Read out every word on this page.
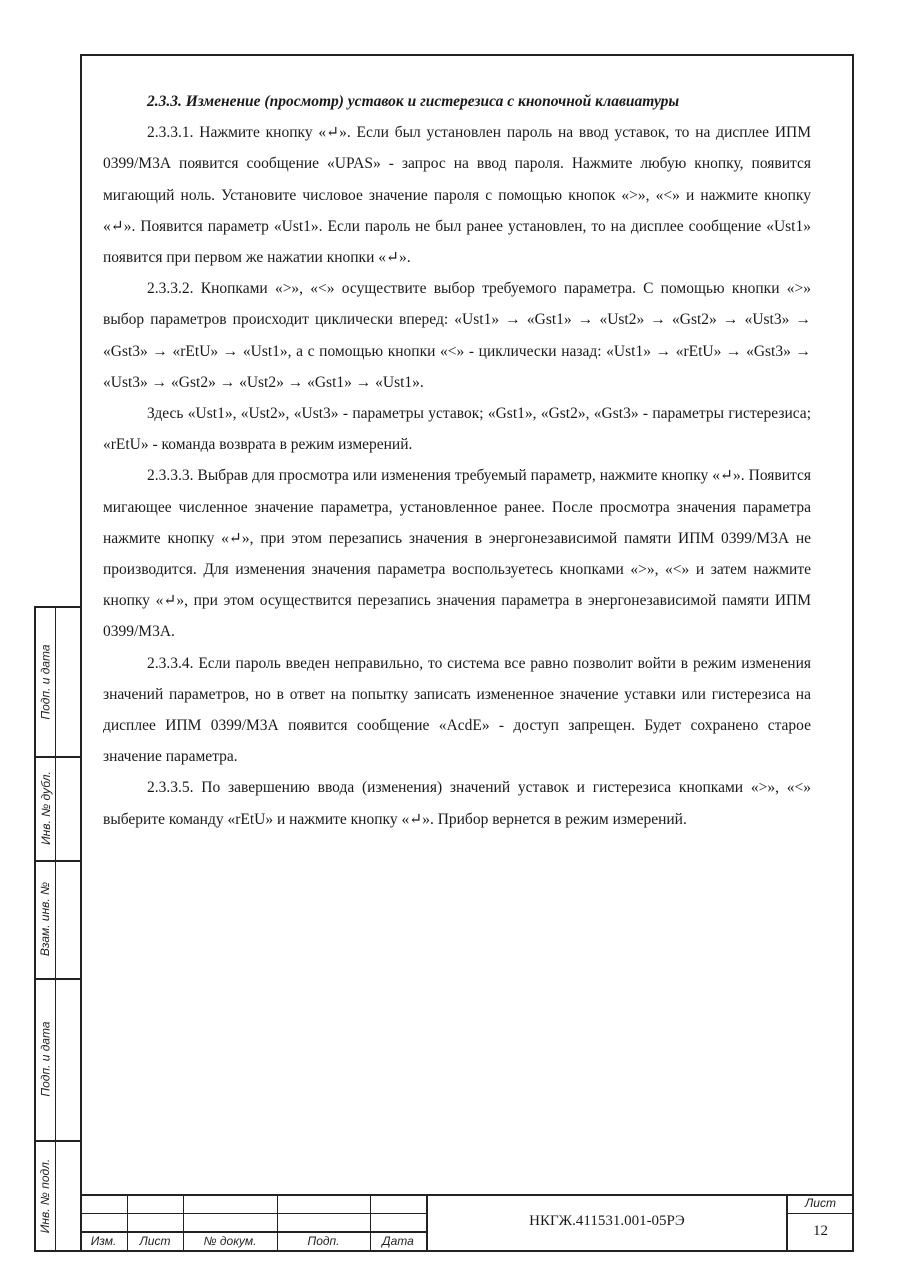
2.3.3. Изменение (просмотр) уставок и гистерезиса с кнопочной клавиатуры

2.3.3.1. Нажмите кнопку «↵». Если был установлен пароль на ввод уставок, то на дисплее ИПМ 0399/М3А появится сообщение «UPAS» - запрос на ввод пароля. Нажмите любую кнопку, появится мигающий ноль. Установите числовое значение пароля с помощью кнопок «>», «<» и нажмите кнопку «↵». Появится параметр «Ust1». Если пароль не был ранее установлен, то на дисплее сообщение «Ust1» появится при первом же нажатии кнопки «↵».

2.3.3.2. Кнопками «>», «<» осуществите выбор требуемого параметра. С помощью кнопки «>» выбор параметров происходит циклически вперед: «Ust1» → «Gst1» → «Ust2» → «Gst2» → «Ust3» → «Gst3» → «rEtU» → «Ust1», а с помощью кнопки «<» - циклически назад: «Ust1» → «rEtU» → «Gst3» → «Ust3» → «Gst2» → «Ust2» → «Gst1» → «Ust1».

Здесь «Ust1», «Ust2», «Ust3» - параметры уставок; «Gst1», «Gst2», «Gst3» - параметры гистерезиса; «rEtU» - команда возврата в режим измерений.

2.3.3.3. Выбрав для просмотра или изменения требуемый параметр, нажмите кнопку «↵». Появится мигающее численное значение параметра, установленное ранее. После просмотра значения параметра нажмите кнопку «↵», при этом перезапись значения в энергонезависимой памяти ИПМ 0399/М3А не производится. Для изменения значения параметра воспользуетесь кнопками «>», «<» и затем нажмите кнопку «↵», при этом осуществится перезапись значения параметра в энергонезависимой памяти ИПМ 0399/М3А.

2.3.3.4. Если пароль введен неправильно, то система все равно позволит войти в режим изменения значений параметров, но в ответ на попытку записать измененное значение уставки или гистерезиса на дисплее ИПМ 0399/М3А появится сообщение «AcdE» - доступ запрещен. Будет сохранено старое значение параметра.

2.3.3.5. По завершению ввода (изменения) значений уставок и гистерезиса кнопками «>», «<» выберите команду «rEtU» и нажмите кнопку «↵». Прибор вернется в режим измерений.

Подп. и дата
Инв. № дубл.
Взам. инв. №
Подп. и дата
Инв. № подл.
Изм.	Лист	№ докум.	Подп.	Дата
НКГЖ.411531.001-05РЭ
Лист
12
